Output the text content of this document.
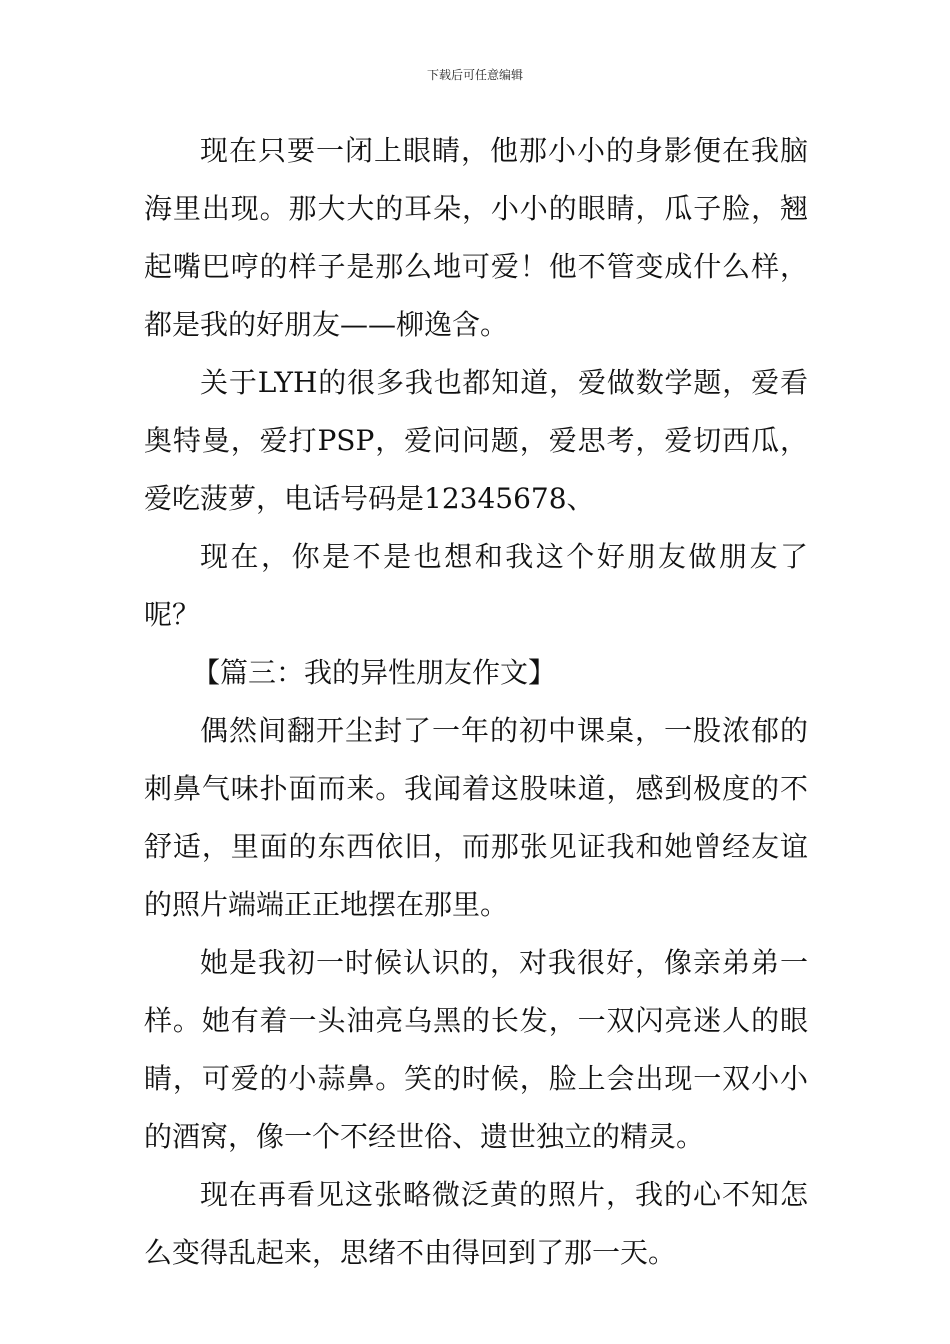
下载后可任意编辑

现在只要一闭上眼睛，他那小小的身影便在我脑海里出现。那大大的耳朵，小小的眼睛，瓜子脸，翘起嘴巴哼的样子是那么地可爱！他不管变成什么样，都是我的好朋友——柳逸含。

关于LYH的很多我也都知道，爱做数学题，爱看奥特曼，爱打PSP，爱问问题，爱思考，爱切西瓜，爱吃菠萝，电话号码是12345678、

现在，你是不是也想和我这个好朋友做朋友了呢？

【篇三：我的异性朋友作文】

偶然间翻开尘封了一年的初中课桌，一股浓郁的刺鼻气味扑面而来。我闻着这股味道，感到极度的不舒适，里面的东西依旧，而那张见证我和她曾经友谊的照片端端正正地摆在那里。

她是我初一时候认识的，对我很好，像亲弟弟一样。她有着一头油亮乌黑的长发，一双闪亮迷人的眼睛，可爱的小蒜鼻。笑的时候，脸上会出现一双小小的酒窝，像一个不经世俗、遗世独立的精灵。

现在再看见这张略微泛黄的照片，我的心不知怎么变得乱起来，思绪不由得回到了那一天。
